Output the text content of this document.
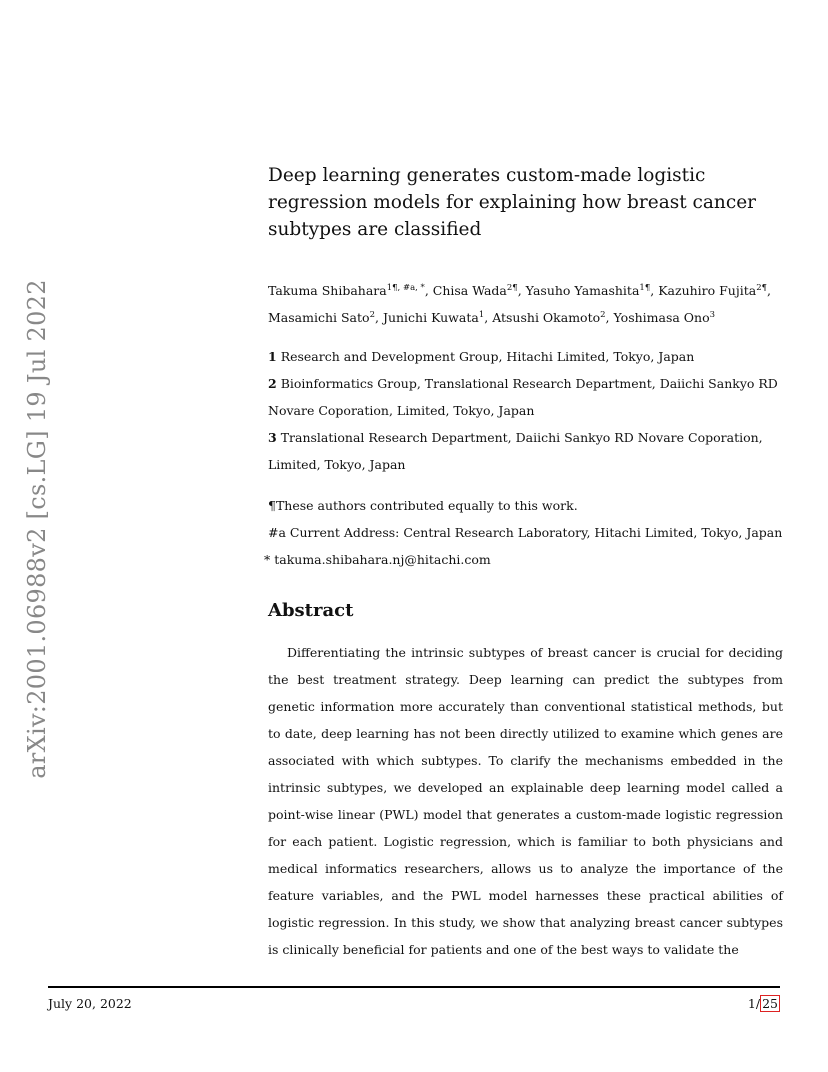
arXiv:2001.06988v2 [cs.LG] 19 Jul 2022
Deep learning generates custom-made logistic regression models for explaining how breast cancer subtypes are classified
Takuma Shibahara$^{1\P, \#a, *}$, Chisa Wada$^{2\P}$, Yasuho Yamashita$^{1\P}$, Kazuhiro Fujita$^{2\P}$, Masamichi Sato$^2$, Junichi Kuwata$^1$, Atsushi Okamoto$^2$, Yoshimasa Ono$^3$
1 Research and Development Group, Hitachi Limited, Tokyo, Japan
2 Bioinformatics Group, Translational Research Department, Daiichi Sankyo RD Novare Coporation, Limited, Tokyo, Japan
3 Translational Research Department, Daiichi Sankyo RD Novare Coporation, Limited, Tokyo, Japan
¶These authors contributed equally to this work.
#a Current Address: Central Research Laboratory, Hitachi Limited, Tokyo, Japan
* takuma.shibahara.nj@hitachi.com
Abstract

Differentiating the intrinsic subtypes of breast cancer is crucial for deciding the best treatment strategy. Deep learning can predict the subtypes from genetic information more accurately than conventional statistical methods, but to date, deep learning has not been directly utilized to examine which genes are associated with which subtypes. To clarify the mechanisms embedded in the intrinsic subtypes, we developed an explainable deep learning model called a point-wise linear (PWL) model that generates a custom-made logistic regression for each patient. Logistic regression, which is familiar to both physicians and medical informatics researchers, allows us to analyze the importance of the feature variables, and the PWL model harnesses these practical abilities of logistic regression. In this study, we show that analyzing breast cancer subtypes is clinically beneficial for patients and one of the best ways to validate the

July 20, 2022	1/ 25
